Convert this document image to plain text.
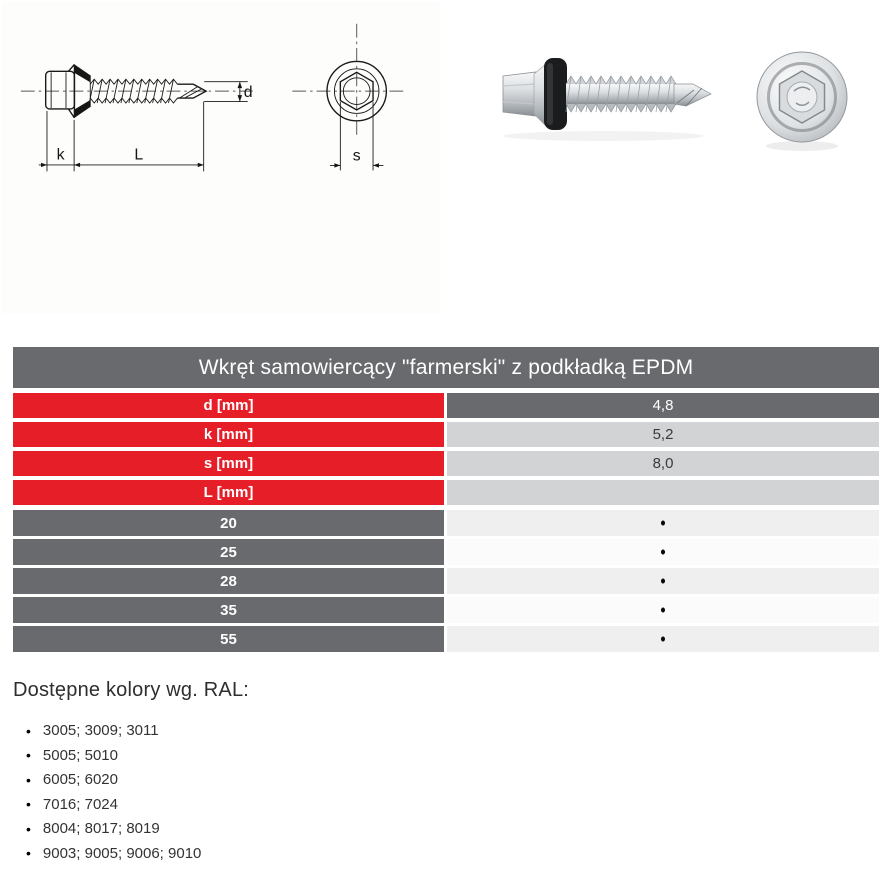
d
k	L	s
Wkręt samowiercący "farmerski" z podkładką EPDM
d [mm]	4,8
k [mm]	5,2
s [mm]	8,0
L [mm]
20	•
25	•
28	•
35	•
55	•
Dostępne kolory wg. RAL:
• 3005; 3009; 3011
• 5005; 5010
• 6005; 6020
• 7016; 7024
• 8004; 8017; 8019
• 9003; 9005; 9006; 9010
